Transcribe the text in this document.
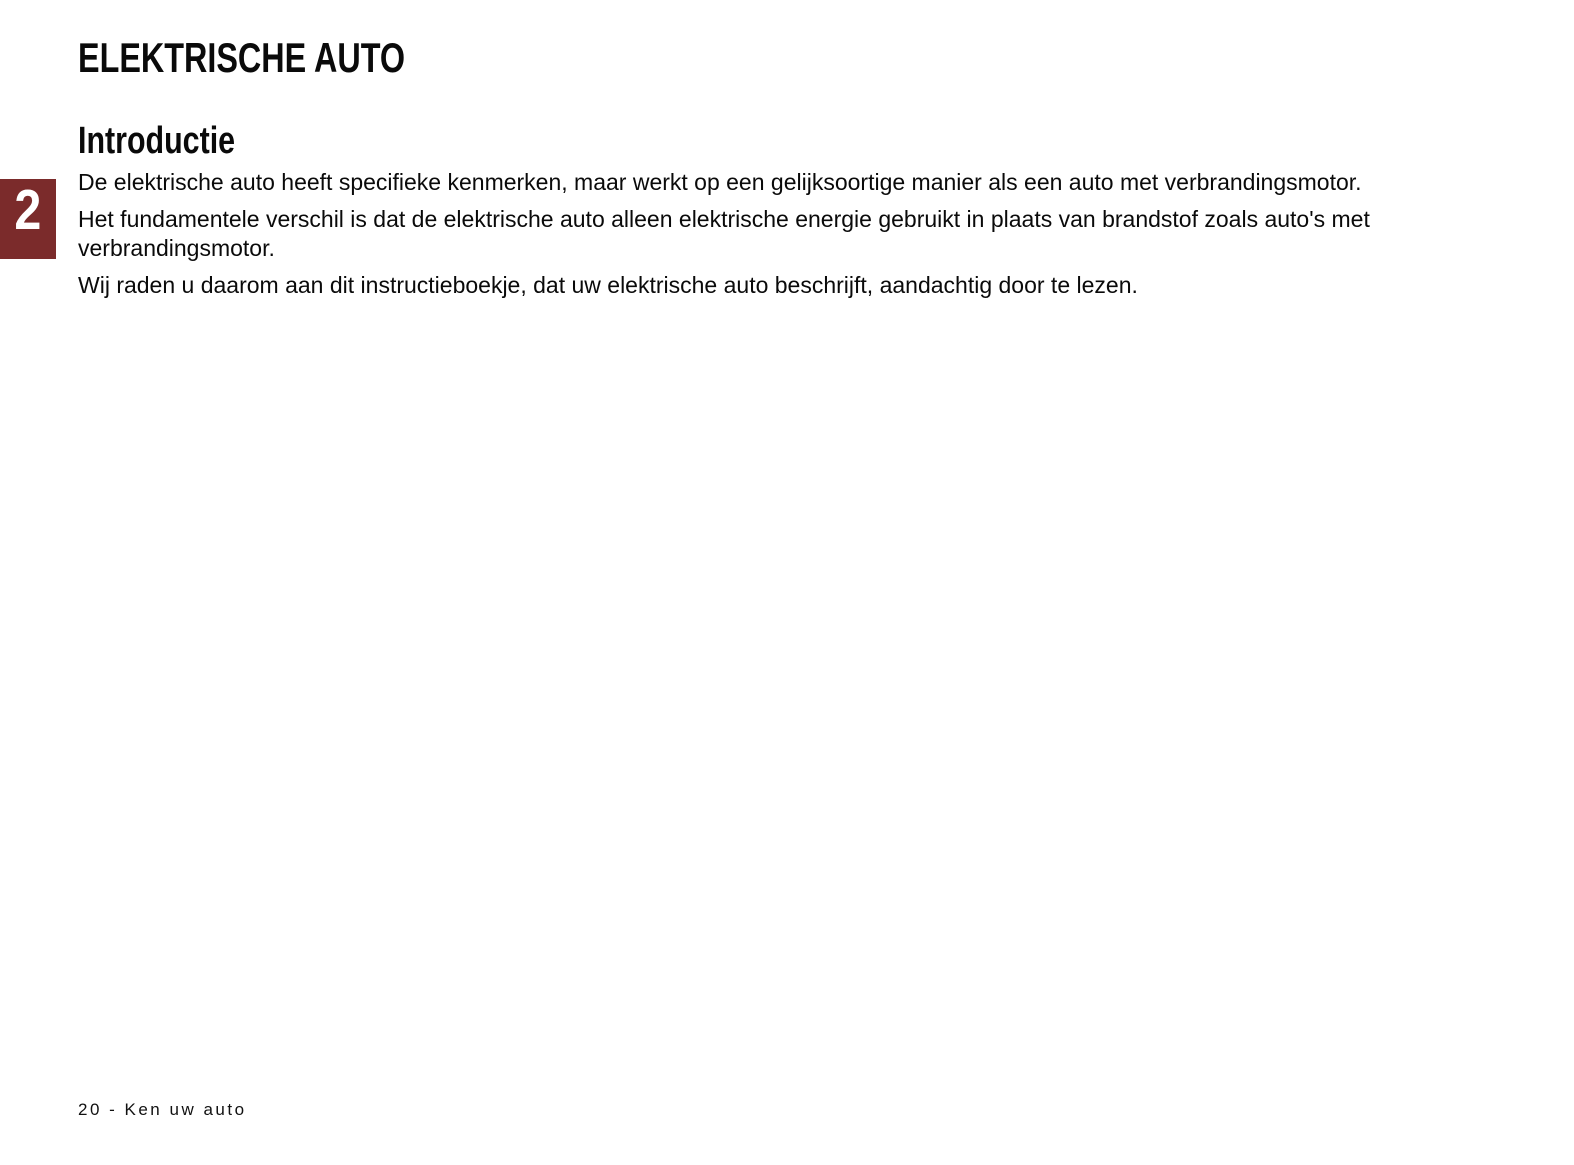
ELEKTRISCHE AUTO
2
Introductie

De elektrische auto heeft specifieke kenmerken, maar werkt op een gelijksoortige manier als een auto met verbrandingsmotor.

Het fundamentele verschil is dat de elektrische auto alleen elektrische energie gebruikt in plaats van brandstof zoals auto's met verbrandingsmotor.

Wij raden u daarom aan dit instructieboekje, dat uw elektrische auto beschrijft, aandachtig door te lezen.

20 - Ken uw auto
